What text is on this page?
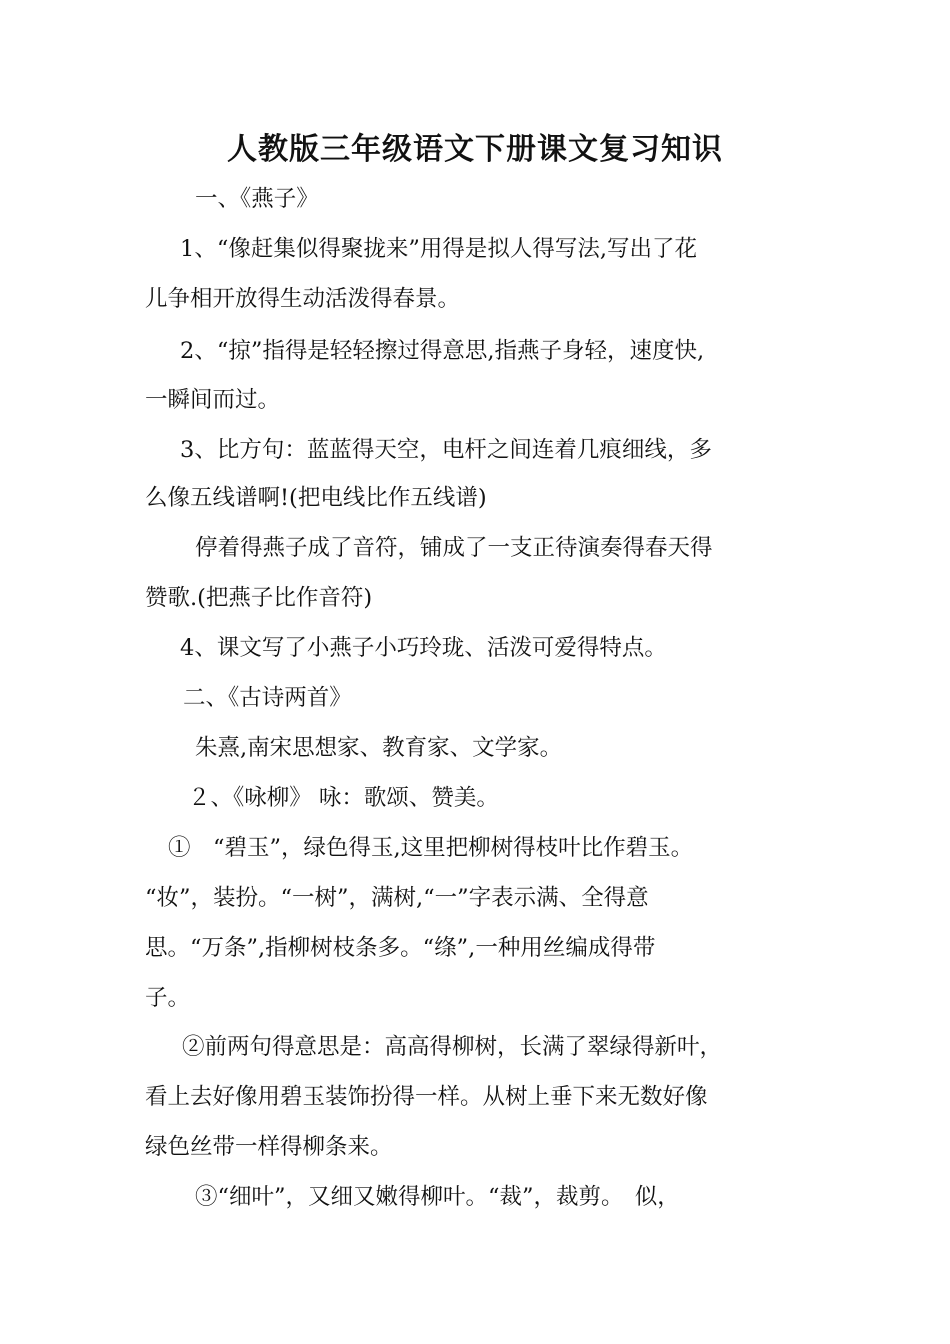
人教版三年级语文下册课文复习知识
一、《燕子》
1、“像赶集似得聚拢来”用得是拟人得写法,写出了花
儿争相开放得生动活泼得春景。
2、“掠”指得是轻轻擦过得意思,指燕子身轻，速度快,
一瞬间而过。
3、比方句：蓝蓝得天空，电杆之间连着几痕细线，多
么像五线谱啊!(把电线比作五线谱)
停着得燕子成了音符，铺成了一支正待演奏得春天得
赞歌.(把燕子比作音符)
4、课文写了小燕子小巧玲珑、活泼可爱得特点。
二、《古诗两首》
朱熹,南宋思想家、教育家、文学家。
２、《咏柳》 咏：歌颂、赞美。
①　“碧玉”，绿色得玉,这里把柳树得枝叶比作碧玉。
“妆”，装扮。“一树”，满树,“一”字表示满、全得意
思。“万条”,指柳树枝条多。“绦”,一种用丝编成得带
子。
②前两句得意思是：高高得柳树，长满了翠绿得新叶，
看上去好像用碧玉装饰扮得一样。从树上垂下来无数好像
绿色丝带一样得柳条来。
③“细叶”，又细又嫩得柳叶。“裁”，裁剪。　似，
